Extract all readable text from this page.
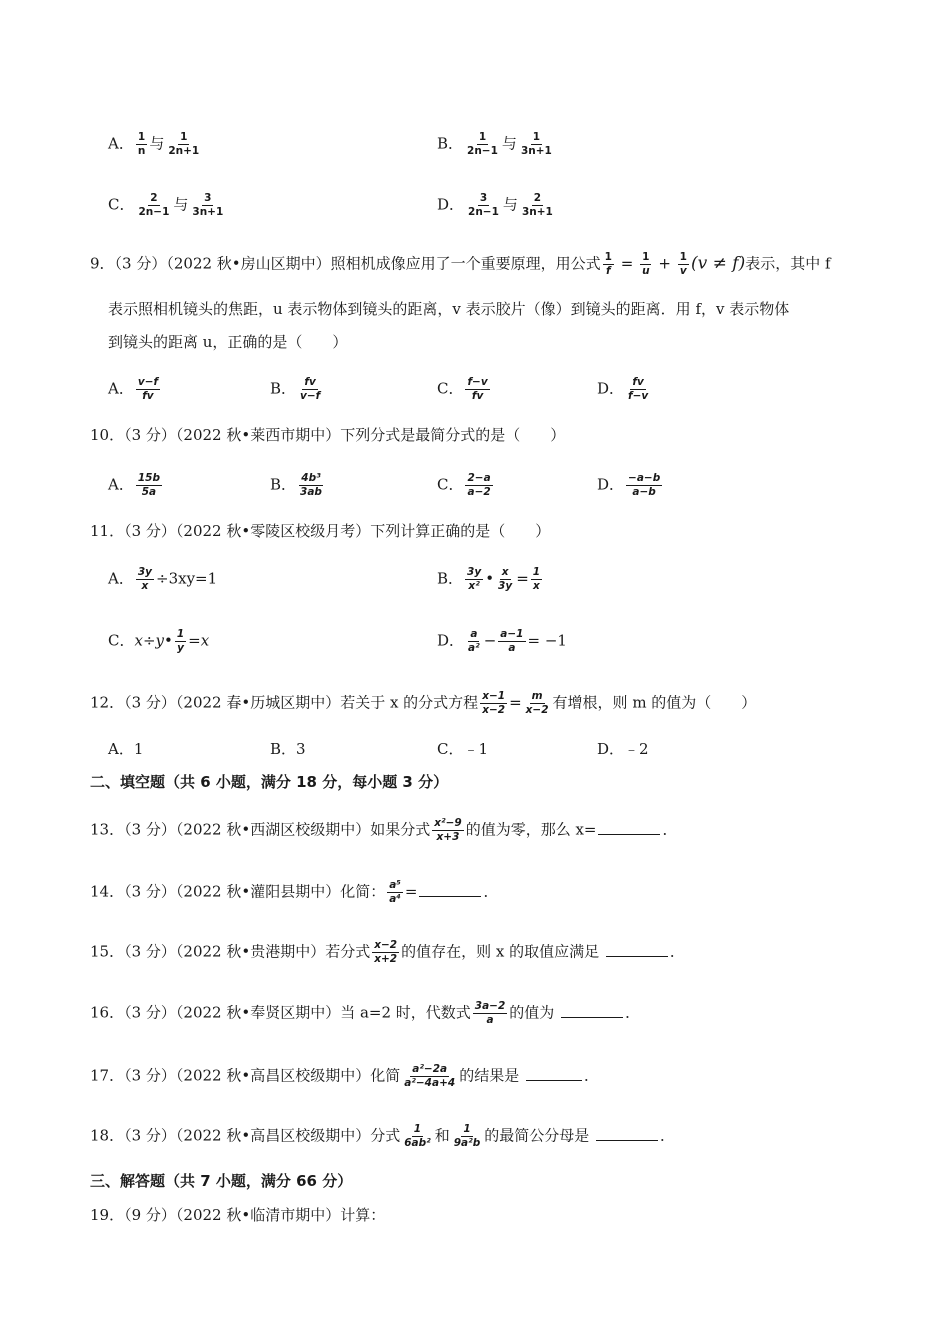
A． $\frac{1}{n}$ 与 $\frac{1}{2n+1}$	B． $\frac{1}{2n-1}$ 与 $\frac{1}{3n+1}$
C． $\frac{2}{2n-1}$ 与 $\frac{3}{3n+1}$	D． $\frac{3}{2n-1}$ 与 $\frac{2}{3n+1}$
9．（3 分）（2022 秋•房山区期中）照相机成像应用了一个重要原理，用公式 $\frac{1}{f} = \frac{1}{u} + \frac{1}{v} (v \ne f)$表示，其中 f
表示照相机镜头的焦距，u 表示物体到镜头的距离，v 表示胶片（像）到镜头的距离．用 f，v 表示物体
到镜头的距离 u，正确的是（　　）
A． $\frac{v-f}{fv}$	B． $\frac{fv}{v-f}$	C． $\frac{f-v}{fv}$	D． $\frac{fv}{f-v}$
10．（3 分）（2022 秋•莱西市期中）下列分式是最简分式的是（　　）
A． $\frac{15b}{5a}$	B． $\frac{\text{4b³}}{3ab}$	C． $\frac{2-a}{a-2}$	D． $\frac{-a-b}{a-b}$
11．（3 分）（2022 秋•零陵区校级月考）下列计算正确的是（　　）
A． $\frac{3y}{x} \div 3xy=1$	B． $\frac{3y}{\text{x²}}$ • $\frac{x}{3y} = \frac{1}{x}$
C．x÷y• $\frac{1}{y} =x$	D． $\frac{a}{\text{a²}} - \frac{a-1}{a} = -1$
12．（3 分）（2022 春•历城区期中）若关于 x 的分式方程 $\frac{x-1}{x-2} = \frac{m}{x-2}$ 有增根，则 m 的值为（　　）
A．1	B．3	C．﹣1	D．﹣2
二、填空题（共 6 小题，满分 18 分，每小题 3 分）
13．（3 分）（2022 秋•西湖区校级期中）如果分式 $\frac{\text{x²−9}}{x+3}$ 的值为零，那么 x=	．
14．（3 分）（2022 秋•灌阳县期中）化简： $\frac{\text{a⁵}}{\text{a⁴}}$ =	．
15．（3 分）（2022 秋•贵港期中）若分式 $\frac{x-2}{x+2}$ 的值存在，则 x 的取值应满足	．
16．（3 分）（2022 秋•奉贤区期中）当 a=2 时，代数式 $\frac{3a-2}{a}$ 的值为	．
17．（3 分）（2022 秋•高昌区校级期中）化简 $\frac{\text{a²−2a}}{\text{a²−4a+4}}$ 的结果是	．
18．（3 分）（2022 秋•高昌区校级期中）分式 $\frac{1}{\text{6ab²}}$ 和 $\frac{1}{\text{9a²b}}$ 的最简公分母是	．
三、解答题（共 7 小题，满分 66 分）
19．（9 分）（2022 秋•临清市期中）计算：
